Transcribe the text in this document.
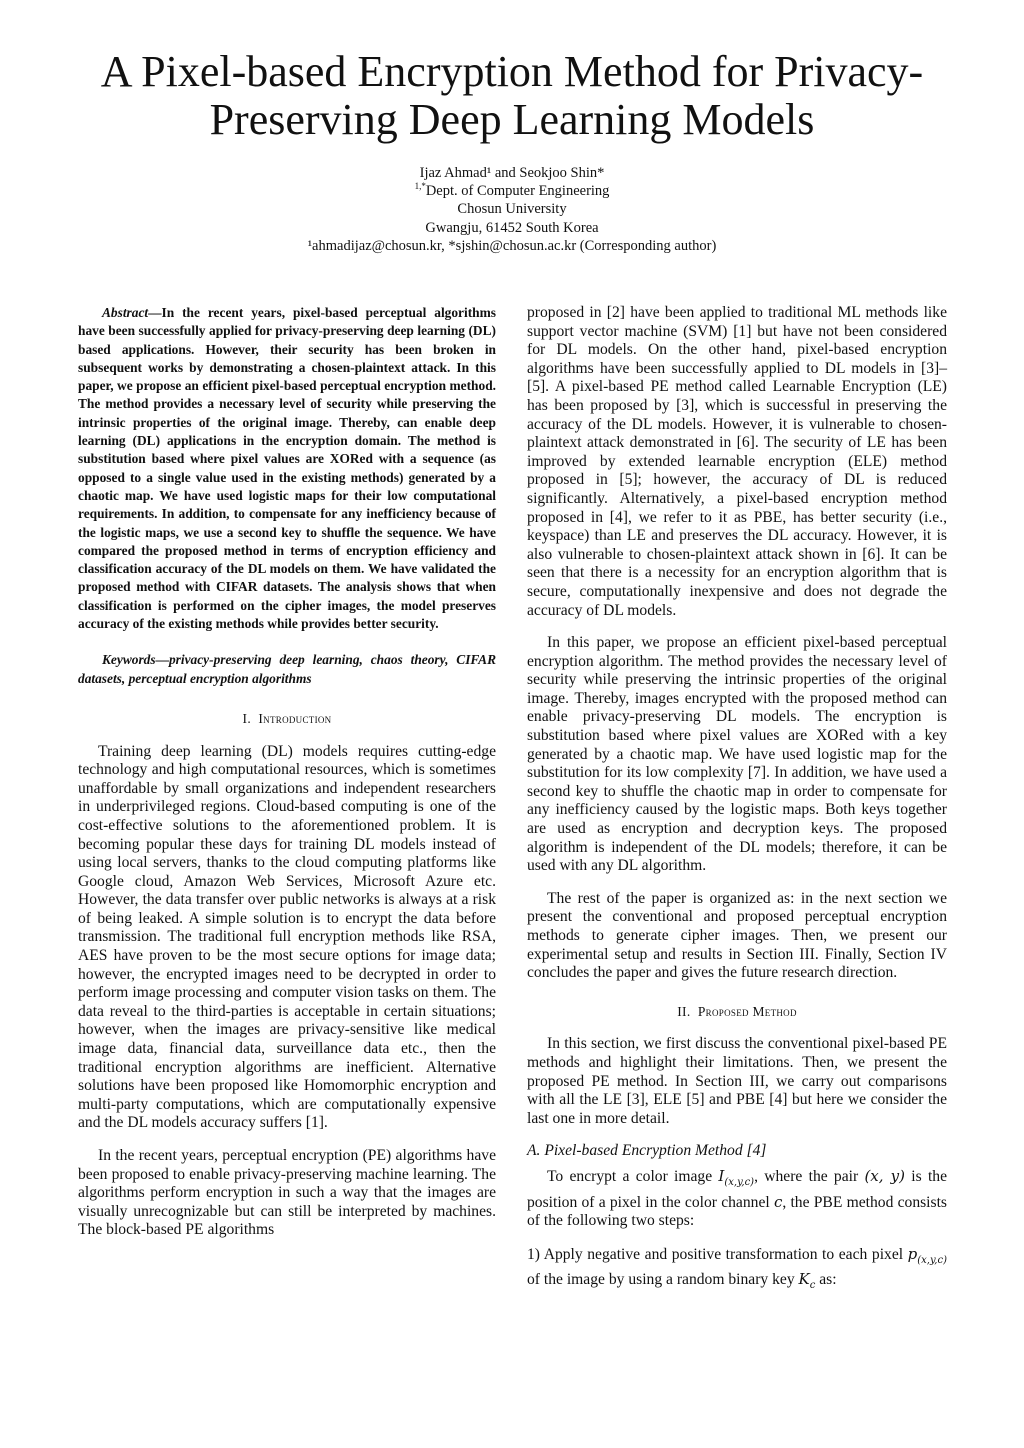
A Pixel-based Encryption Method for Privacy-
Preserving Deep Learning Models
Ijaz Ahmad¹ and Seokjoo Shin*
$^{1,*}$Dept. of Computer Engineering
Chosun University
Gwangju, 61452 South Korea
¹ahmadijaz@chosun.kr, *sjshin@chosun.ac.kr (Corresponding author)

Abstract—In the recent years, pixel-based perceptual algorithms have been successfully applied for privacy-preserving deep learning (DL) based applications. However, their security has been broken in subsequent works by demonstrating a chosen-plaintext attack. In this paper, we propose an efficient pixel-based perceptual encryption method. The method provides a necessary level of security while preserving the intrinsic properties of the original image. Thereby, can enable deep learning (DL) applications in the encryption domain. The method is substitution based where pixel values are XORed with a sequence (as opposed to a single value used in the existing methods) generated by a chaotic map. We have used logistic maps for their low computational requirements. In addition, to compensate for any inefficiency because of the logistic maps, we use a second key to shuffle the sequence. We have compared the proposed method in terms of encryption efficiency and classification accuracy of the DL models on them. We have validated the proposed method with CIFAR datasets. The analysis shows that when classification is performed on the cipher images, the model preserves accuracy of the existing methods while provides better security.

Keywords—privacy-preserving deep learning, chaos theory, CIFAR datasets, perceptual encryption algorithms

I. Introduction

Training deep learning (DL) models requires cutting-edge technology and high computational resources, which is sometimes unaffordable by small organizations and independent researchers in underprivileged regions. Cloud-based computing is one of the cost-effective solutions to the aforementioned problem. It is becoming popular these days for training DL models instead of using local servers, thanks to the cloud computing platforms like Google cloud, Amazon Web Services, Microsoft Azure etc. However, the data transfer over public networks is always at a risk of being leaked. A simple solution is to encrypt the data before transmission. The traditional full encryption methods like RSA, AES have proven to be the most secure options for image data; however, the encrypted images need to be decrypted in order to perform image processing and computer vision tasks on them. The data reveal to the third-parties is acceptable in certain situations; however, when the images are privacy-sensitive like medical image data, financial data, surveillance data etc., then the traditional encryption algorithms are inefficient. Alternative solutions have been proposed like Homomorphic encryption and multi-party computations, which are computationally expensive and the DL models accuracy suffers [1].

In the recent years, perceptual encryption (PE) algorithms have been proposed to enable privacy-preserving machine learning. The algorithms perform encryption in such a way that the images are visually unrecognizable but can still be interpreted by machines. The block-based PE algorithms

proposed in [2] have been applied to traditional ML methods like support vector machine (SVM) [1] but have not been considered for DL models. On the other hand, pixel-based encryption algorithms have been successfully applied to DL models in [3]–[5]. A pixel-based PE method called Learnable Encryption (LE) has been proposed by [3], which is successful in preserving the accuracy of the DL models. However, it is vulnerable to chosen-plaintext attack demonstrated in [6]. The security of LE has been improved by extended learnable encryption (ELE) method proposed in [5]; however, the accuracy of DL is reduced significantly. Alternatively, a pixel-based encryption method proposed in [4], we refer to it as PBE, has better security (i.e., keyspace) than LE and preserves the DL accuracy. However, it is also vulnerable to chosen-plaintext attack shown in [6]. It can be seen that there is a necessity for an encryption algorithm that is secure, computationally inexpensive and does not degrade the accuracy of DL models.

In this paper, we propose an efficient pixel-based perceptual encryption algorithm. The method provides the necessary level of security while preserving the intrinsic properties of the original image. Thereby, images encrypted with the proposed method can enable privacy-preserving DL models. The encryption is substitution based where pixel values are XORed with a key generated by a chaotic map. We have used logistic map for the substitution for its low complexity [7]. In addition, we have used a second key to shuffle the chaotic map in order to compensate for any inefficiency caused by the logistic maps. Both keys together are used as encryption and decryption keys. The proposed algorithm is independent of the DL models; therefore, it can be used with any DL algorithm.

The rest of the paper is organized as: in the next section we present the conventional and proposed perceptual encryption methods to generate cipher images. Then, we present our experimental setup and results in Section III. Finally, Section IV concludes the paper and gives the future research direction.

II. Proposed Method

In this section, we first discuss the conventional pixel-based PE methods and highlight their limitations. Then, we present the proposed PE method. In Section III, we carry out comparisons with all the LE [3], ELE [5] and PBE [4] but here we consider the last one in more detail.

A. Pixel-based Encryption Method [4]

To encrypt a color image $I_{(x,y,c)}$, where the pair (x, y) is the position of a pixel in the color channel c, the PBE method consists of the following two steps:

1) Apply negative and positive transformation to each pixel $p_{(x,y,c)}$ of the image by using a random binary key $K_c$ as:
